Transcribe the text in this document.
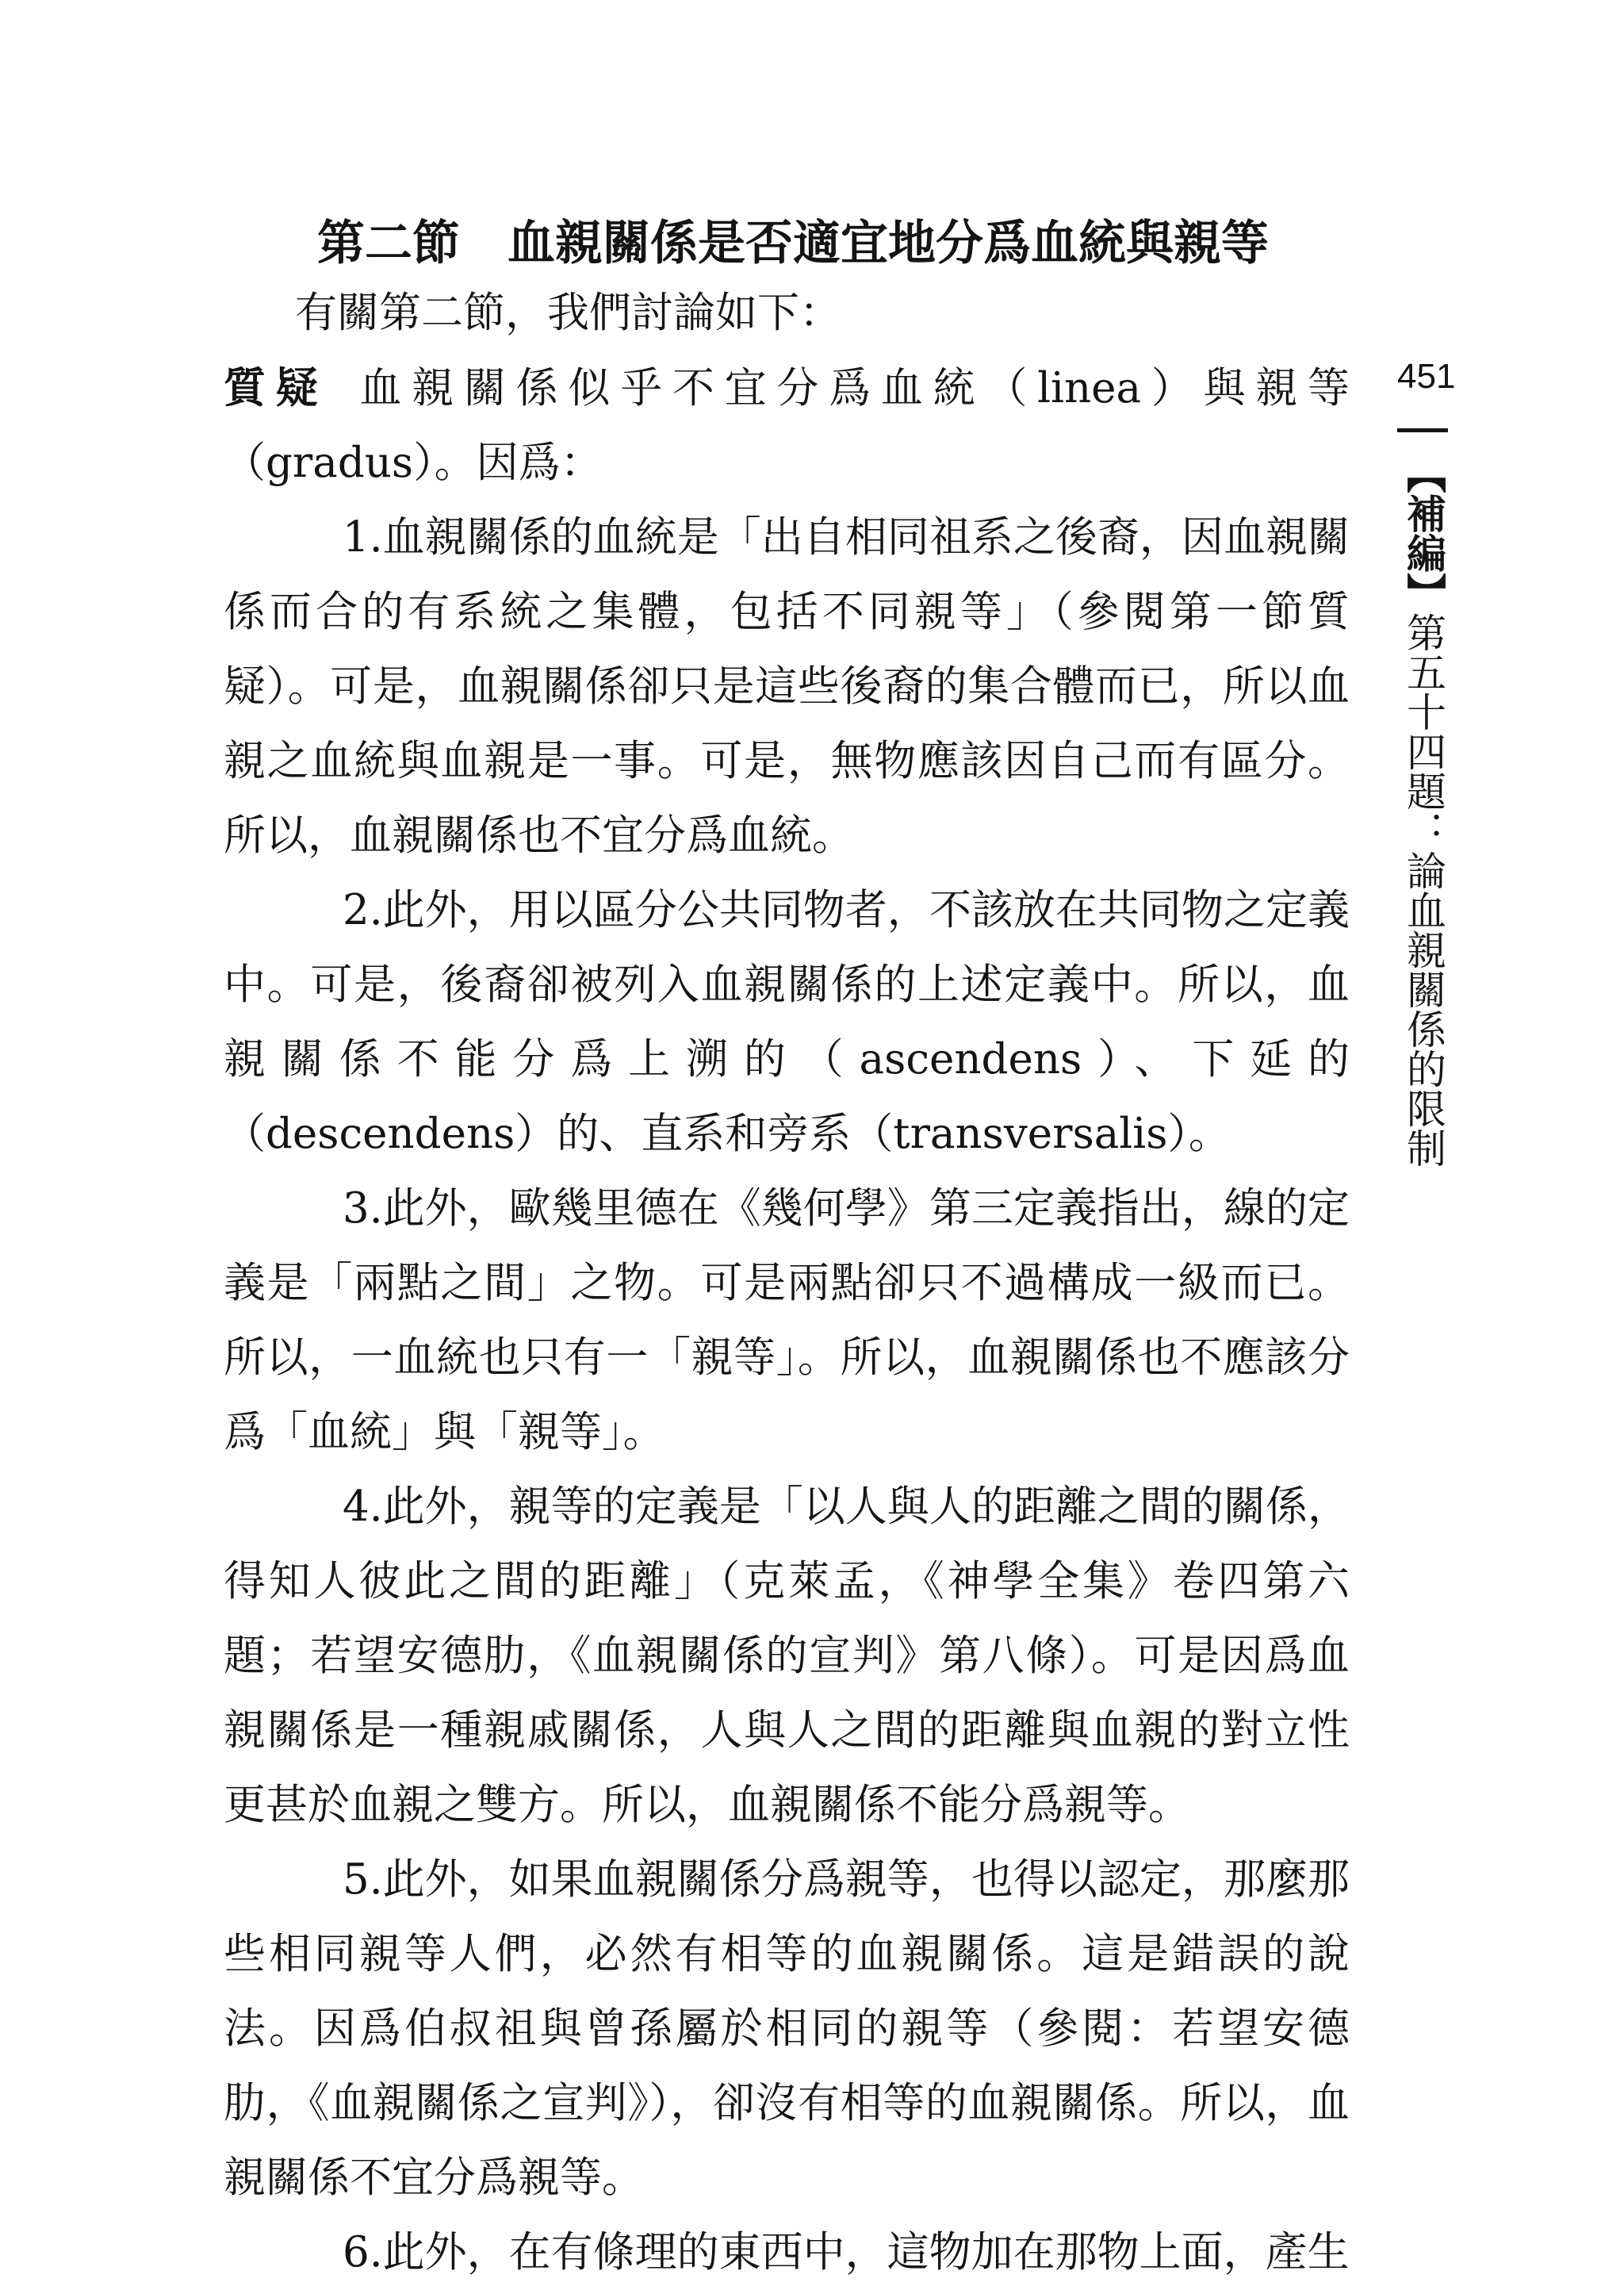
第二節 血親關係是否適宜地分爲血統與親等

有關第二節，我們討論如下：

質疑 血親關係似乎不宜分爲血統（linea）與親等（gradus）。因爲：

1.血親關係的血統是「出自相同祖系之後裔，因血親關係而合的有系統之集體，包括不同親等」（參閱第一節質疑）。可是，血親關係卻只是這些後裔的集合體而已，所以血親之血統與血親是一事。可是，無物應該因自己而有區分。所以，血親關係也不宜分爲血統。

2.此外，用以區分公共同物者，不該放在共同物之定義中。可是，後裔卻被列入血親關係的上述定義中。所以，血親關係不能分爲上溯的（ascendens）、下延的（descendens）的、直系和旁系（transversalis）。

3.此外，歐幾里德在《幾何學》第三定義指出，線的定義是「兩點之間」之物。可是兩點卻只不過構成一級而已。所以，一血統也只有一「親等」。所以，血親關係也不應該分爲「血統」與「親等」。

4.此外，親等的定義是「以人與人的距離之間的關係，得知人彼此之間的距離」（克萊孟，《神學全集》卷四第六題；若望安德肋，《血親關係的宣判》第八條）。可是因爲血親關係是一種親戚關係，人與人之間的距離與血親的對立性更甚於血親之雙方。所以，血親關係不能分爲親等。

5.此外，如果血親關係分爲親等，也得以認定，那麼那些相同親等人們，必然有相等的血親關係。這是錯誤的說法。因爲伯叔祖與曾孫屬於相同的親等（參閱：若望安德肋，《血親關係之宣判》），卻沒有相等的血親關係。所以，血親關係不宜分爲親等。

6.此外，在有條理的東西中，這物加在那物上面，產生

451
【補編】第五十四題：論血親關係的限制
